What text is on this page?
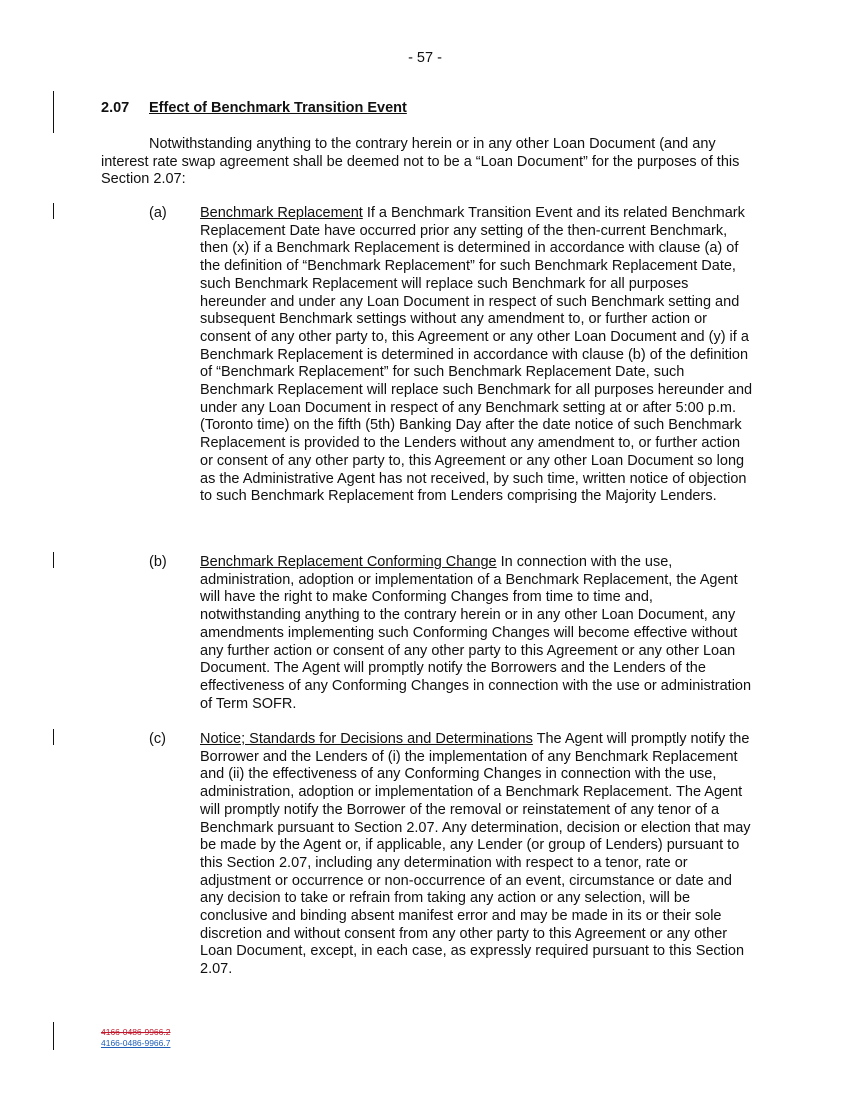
- 57 -
2.07 Effect of Benchmark Transition Event

Notwithstanding anything to the contrary herein or in any other Loan Document (and any interest rate swap agreement shall be deemed not to be a “Loan Document” for the purposes of this Section 2.07:

(a) Benchmark Replacement If a Benchmark Transition Event and its related Benchmark Replacement Date have occurred prior any setting of the then-current Benchmark, then (x) if a Benchmark Replacement is determined in accordance with clause (a) of the definition of “Benchmark Replacement” for such Benchmark Replacement Date, such Benchmark Replacement will replace such Benchmark for all purposes hereunder and under any Loan Document in respect of such Benchmark setting and subsequent Benchmark settings without any amendment to, or further action or consent of any other party to, this Agreement or any other Loan Document and (y) if a Benchmark Replacement is determined in accordance with clause (b) of the definition of “Benchmark Replacement” for such Benchmark Replacement Date, such Benchmark Replacement will replace such Benchmark for all purposes hereunder and under any Loan Document in respect of any Benchmark setting at or after 5:00 p.m. (Toronto time) on the fifth (5th) Banking Day after the date notice of such Benchmark Replacement is provided to the Lenders without any amendment to, or further action or consent of any other party to, this Agreement or any other Loan Document so long as the Administrative Agent has not received, by such time, written notice of objection to such Benchmark Replacement from Lenders comprising the Majority Lenders.

(b) Benchmark Replacement Conforming Change In connection with the use, administration, adoption or implementation of a Benchmark Replacement, the Agent will have the right to make Conforming Changes from time to time and, notwithstanding anything to the contrary herein or in any other Loan Document, any amendments implementing such Conforming Changes will become effective without any further action or consent of any other party to this Agreement or any other Loan Document. The Agent will promptly notify the Borrowers and the Lenders of the effectiveness of any Conforming Changes in connection with the use or administration of Term SOFR.

(c) Notice; Standards for Decisions and Determinations The Agent will promptly notify the Borrower and the Lenders of (i) the implementation of any Benchmark Replacement and (ii) the effectiveness of any Conforming Changes in connection with the use, administration, adoption or implementation of a Benchmark Replacement. The Agent will promptly notify the Borrower of the removal or reinstatement of any tenor of a Benchmark pursuant to Section 2.07. Any determination, decision or election that may be made by the Agent or, if applicable, any Lender (or group of Lenders) pursuant to this Section 2.07, including any determination with respect to a tenor, rate or adjustment or occurrence or non-occurrence of an event, circumstance or date and any decision to take or refrain from taking any action or any selection, will be conclusive and binding absent manifest error and may be made in its or their sole discretion and without consent from any other party to this Agreement or any other Loan Document, except, in each case, as expressly required pursuant to this Section 2.07.

4166-0486-9966.2
4166-0486-9966.7
